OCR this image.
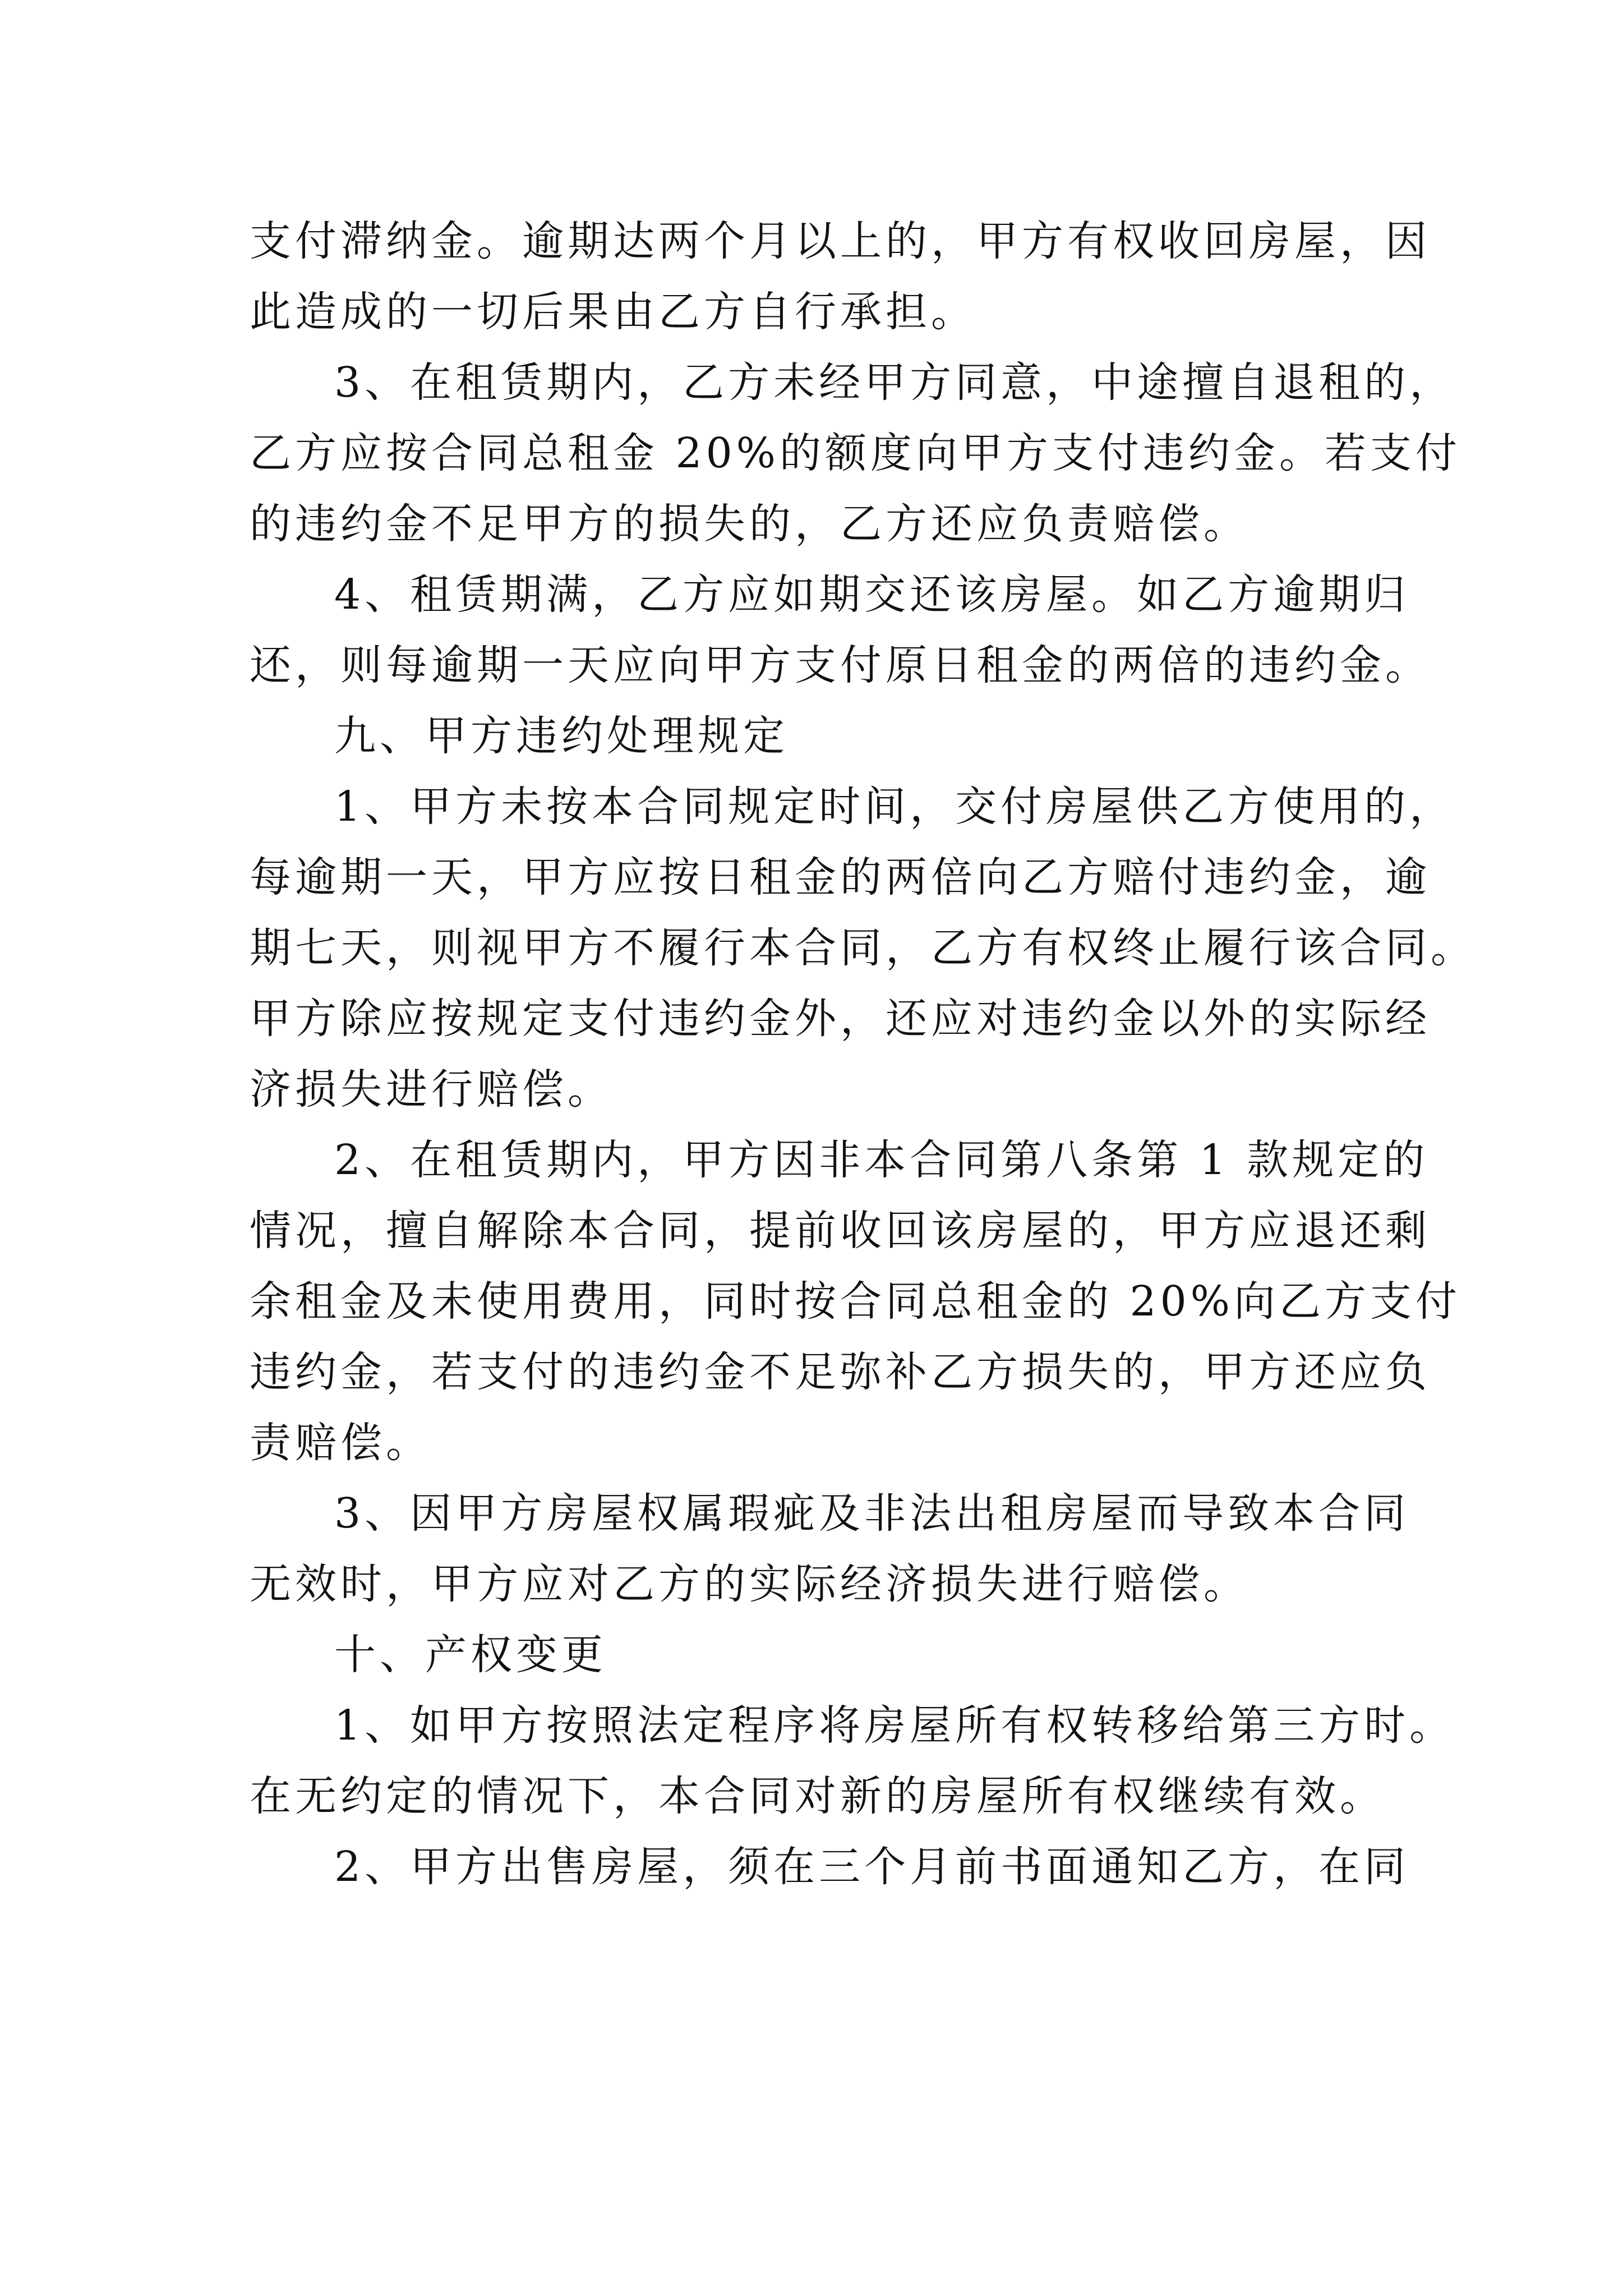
支付滞纳金。逾期达两个月以上的，甲方有权收回房屋，因
此造成的一切后果由乙方自行承担。
3、在租赁期内，乙方未经甲方同意，中途擅自退租的，
乙方应按合同总租金 20%的额度向甲方支付违约金。若支付
的违约金不足甲方的损失的，乙方还应负责赔偿。
4、租赁期满，乙方应如期交还该房屋。如乙方逾期归
还，则每逾期一天应向甲方支付原日租金的两倍的违约金。
九、甲方违约处理规定
1、甲方未按本合同规定时间，交付房屋供乙方使用的，
每逾期一天，甲方应按日租金的两倍向乙方赔付违约金，逾
期七天，则视甲方不履行本合同，乙方有权终止履行该合同。
甲方除应按规定支付违约金外，还应对违约金以外的实际经
济损失进行赔偿。
2、在租赁期内，甲方因非本合同第八条第 1 款规定的
情况，擅自解除本合同，提前收回该房屋的，甲方应退还剩
余租金及未使用费用，同时按合同总租金的 20%向乙方支付
违约金，若支付的违约金不足弥补乙方损失的，甲方还应负
责赔偿。
3、因甲方房屋权属瑕疵及非法出租房屋而导致本合同
无效时，甲方应对乙方的实际经济损失进行赔偿。
十、产权变更
1、如甲方按照法定程序将房屋所有权转移给第三方时。
在无约定的情况下，本合同对新的房屋所有权继续有效。
2、甲方出售房屋，须在三个月前书面通知乙方，在同
